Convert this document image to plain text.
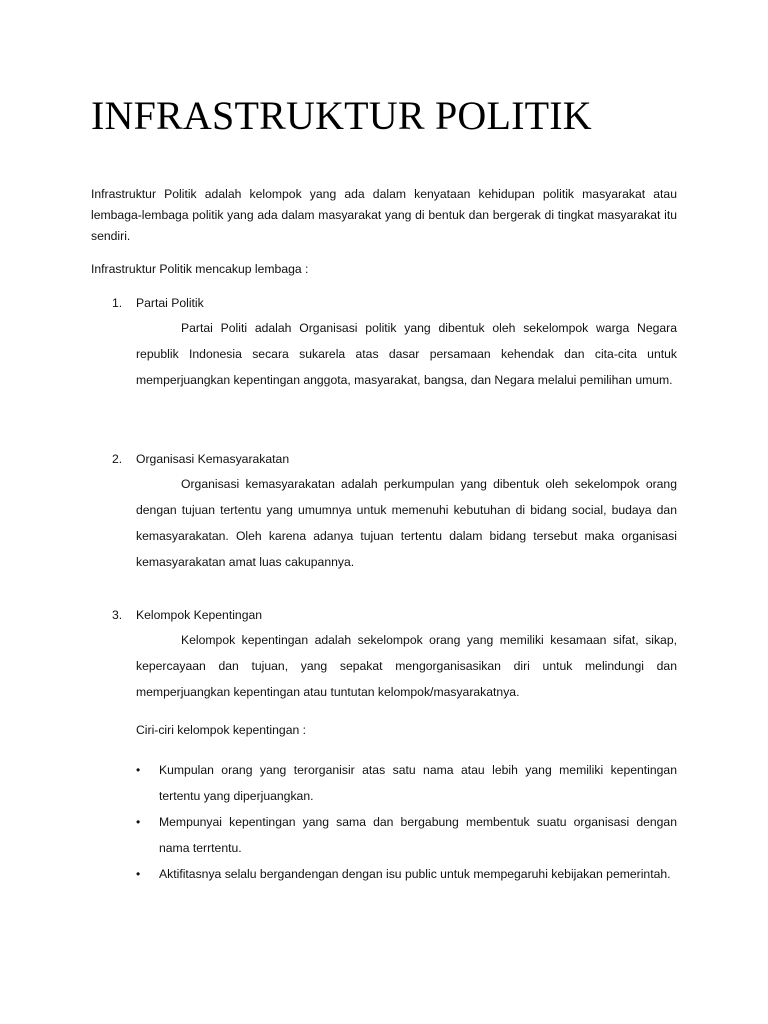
INFRASTRUKTUR POLITIK

Infrastruktur Politik adalah kelompok yang ada dalam kenyataan kehidupan politik masyarakat atau lembaga-lembaga politik yang ada dalam masyarakat yang di bentuk dan bergerak di tingkat masyarakat itu sendiri.

Infrastruktur Politik mencakup lembaga :

1. Partai Politik

Partai Politi adalah Organisasi politik yang dibentuk oleh sekelompok warga Negara republik Indonesia secara sukarela atas dasar persamaan kehendak dan cita-cita untuk memperjuangkan kepentingan anggota, masyarakat, bangsa, dan Negara melalui pemilihan umum.

2. Organisasi Kemasyarakatan

Organisasi kemasyarakatan adalah perkumpulan yang dibentuk oleh sekelompok orang dengan tujuan tertentu yang umumnya untuk memenuhi kebutuhan di bidang social, budaya dan kemasyarakatan. Oleh karena adanya tujuan tertentu dalam bidang tersebut maka organisasi kemasyarakatan amat luas cakupannya.

3. Kelompok Kepentingan

Kelompok kepentingan adalah sekelompok orang yang memiliki kesamaan sifat, sikap, kepercayaan dan tujuan, yang sepakat mengorganisasikan diri untuk melindungi dan memperjuangkan kepentingan atau tuntutan kelompok/masyarakatnya.

Ciri-ciri kelompok kepentingan :

• Kumpulan orang yang terorganisir atas satu nama atau lebih yang memiliki kepentingan tertentu yang diperjuangkan.
• Mempunyai kepentingan yang sama dan bergabung membentuk suatu organisasi dengan nama terrtentu.
• Aktifitasnya selalu bergandengan dengan isu public untuk mempegaruhi kebijakan pemerintah.
